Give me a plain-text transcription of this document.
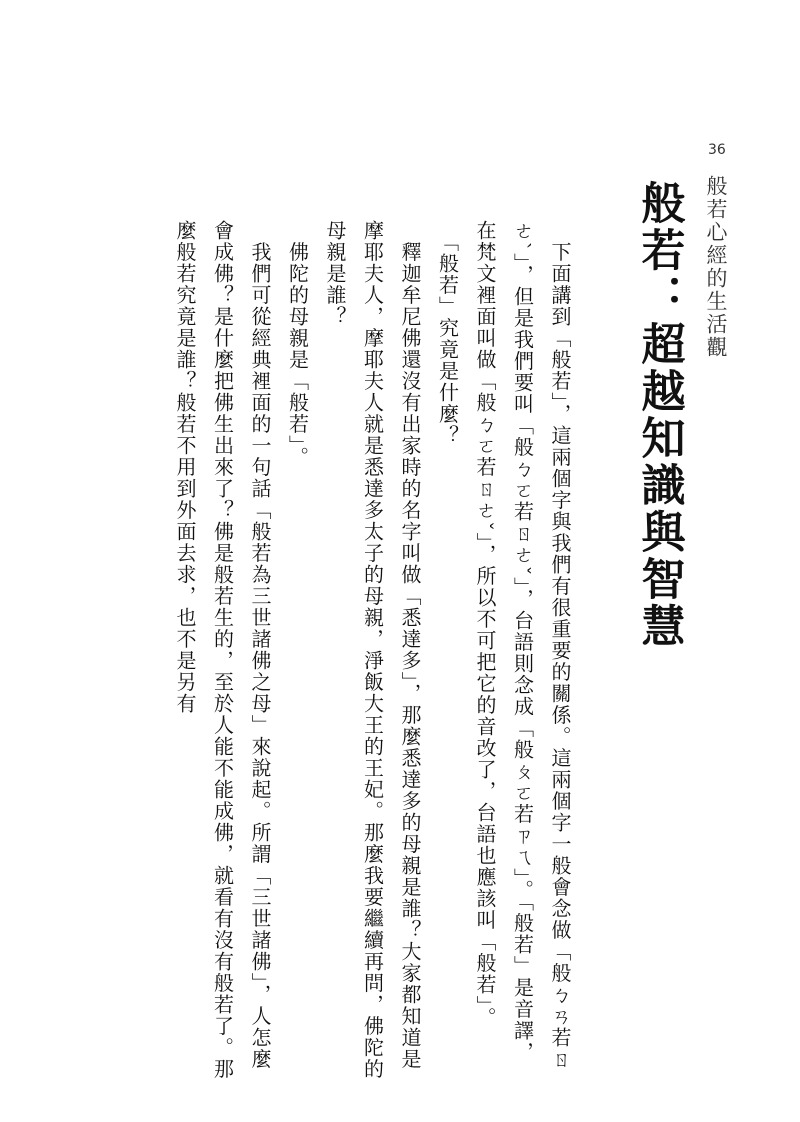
36
般若心經的生活觀
般若：超越知識與智慧

　下面講到「般若」，這兩個字與我們有很重要的關係。這兩個字一般會念做「般ㄅㄢ若ㄖㄜˋ」，但是我們要叫「般ㄅㄛ若ㄖㄜˇ」，台語則念成「般ㄆㄛ若ㄗㄟ」。「般若」是音譯，在梵文裡面叫做「般ㄅㄛ若ㄖㄜˇ」，所以不可把它的音改了，台語也應該叫「般若」。

　「般若」究竟是什麼？

　釋迦牟尼佛還沒有出家時的名字叫做「悉達多」，那麼悉達多的母親是誰？大家都知道是摩耶夫人，摩耶夫人就是悉達多太子的母親，淨飯大王的王妃。那麼我要繼續再問，佛陀的母親是誰？

　佛陀的母親是「般若」。

　我們可從經典裡面的一句話「般若為三世諸佛之母」來說起。所謂「三世諸佛」，人怎麼會成佛？是什麼把佛生出來了？佛是般若生的，至於人能不能成佛，就看有沒有般若了。那麼般若究竟是誰？般若不用到外面去求，也不是另有
